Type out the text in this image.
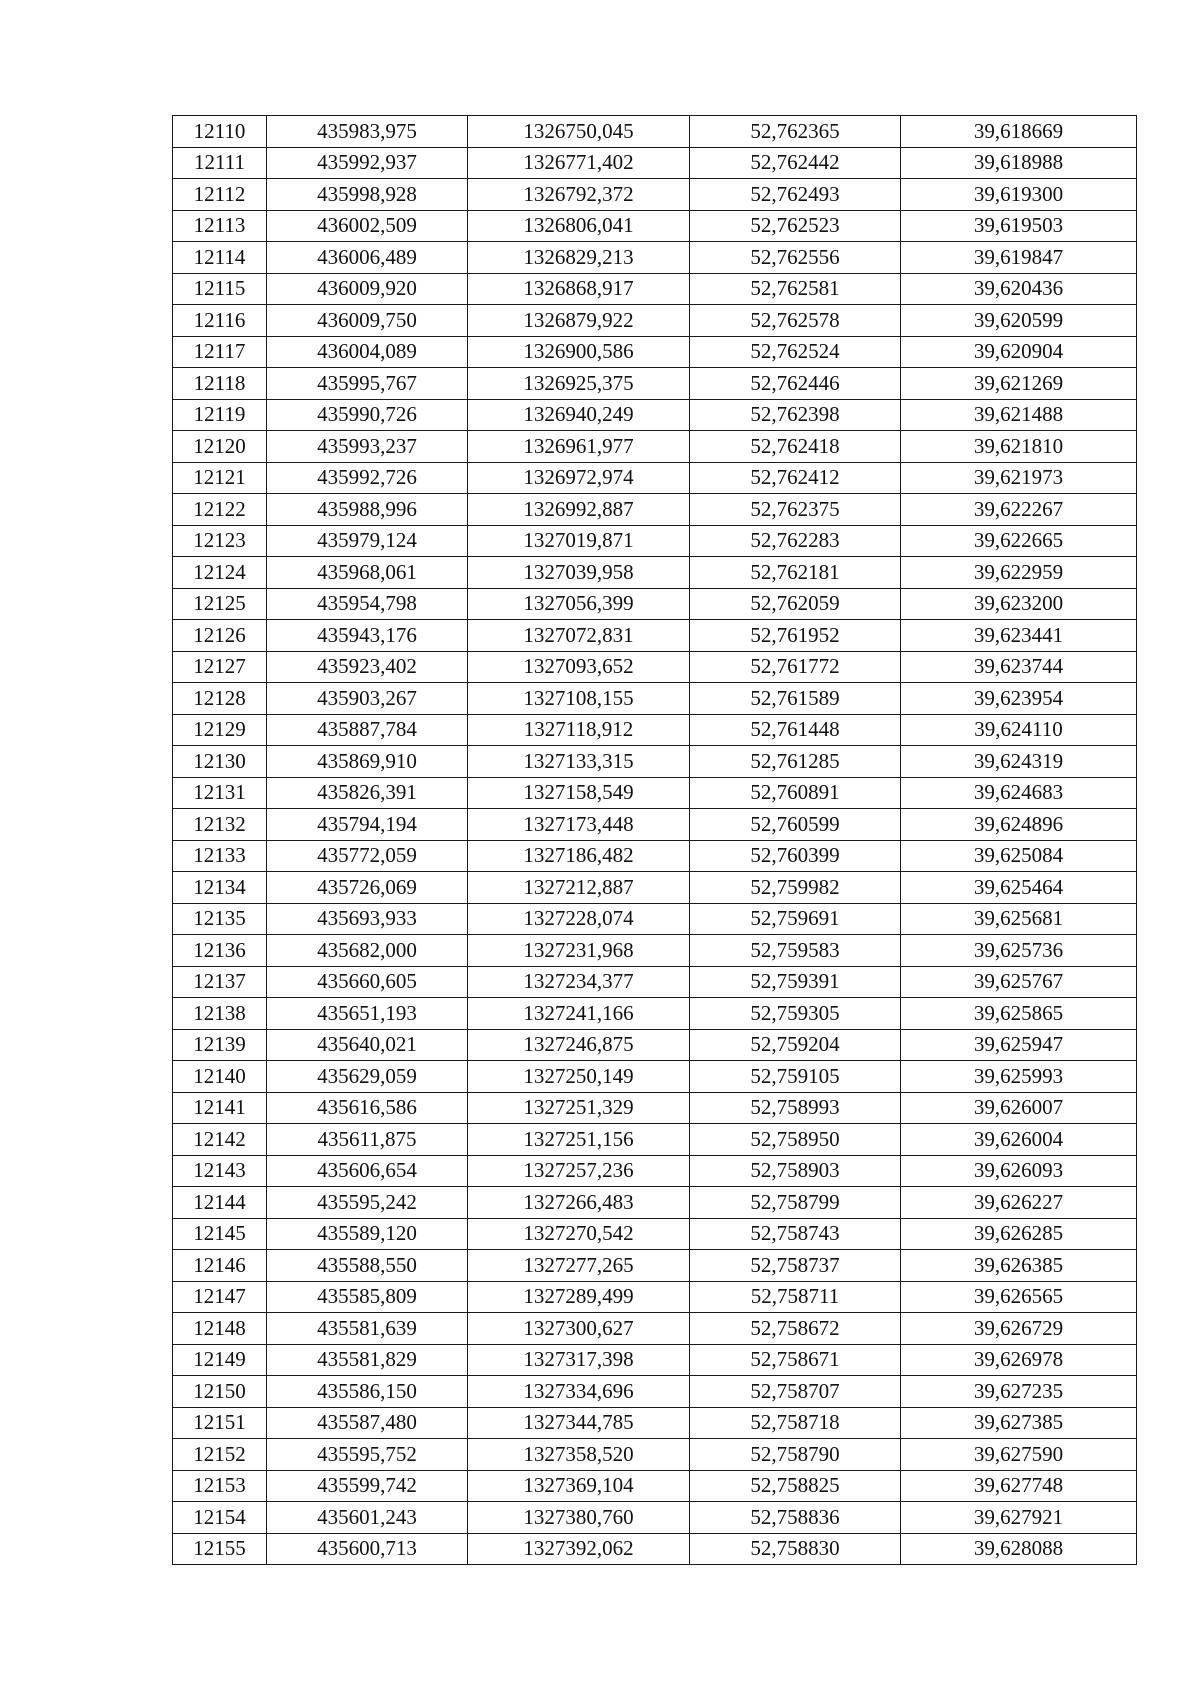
12110	435983,975	1326750,045	52,762365	39,618669
12111	435992,937	1326771,402	52,762442	39,618988
12112	435998,928	1326792,372	52,762493	39,619300
12113	436002,509	1326806,041	52,762523	39,619503
12114	436006,489	1326829,213	52,762556	39,619847
12115	436009,920	1326868,917	52,762581	39,620436
12116	436009,750	1326879,922	52,762578	39,620599
12117	436004,089	1326900,586	52,762524	39,620904
12118	435995,767	1326925,375	52,762446	39,621269
12119	435990,726	1326940,249	52,762398	39,621488
12120	435993,237	1326961,977	52,762418	39,621810
12121	435992,726	1326972,974	52,762412	39,621973
12122	435988,996	1326992,887	52,762375	39,622267
12123	435979,124	1327019,871	52,762283	39,622665
12124	435968,061	1327039,958	52,762181	39,622959
12125	435954,798	1327056,399	52,762059	39,623200
12126	435943,176	1327072,831	52,761952	39,623441
12127	435923,402	1327093,652	52,761772	39,623744
12128	435903,267	1327108,155	52,761589	39,623954
12129	435887,784	1327118,912	52,761448	39,624110
12130	435869,910	1327133,315	52,761285	39,624319
12131	435826,391	1327158,549	52,760891	39,624683
12132	435794,194	1327173,448	52,760599	39,624896
12133	435772,059	1327186,482	52,760399	39,625084
12134	435726,069	1327212,887	52,759982	39,625464
12135	435693,933	1327228,074	52,759691	39,625681
12136	435682,000	1327231,968	52,759583	39,625736
12137	435660,605	1327234,377	52,759391	39,625767
12138	435651,193	1327241,166	52,759305	39,625865
12139	435640,021	1327246,875	52,759204	39,625947
12140	435629,059	1327250,149	52,759105	39,625993
12141	435616,586	1327251,329	52,758993	39,626007
12142	435611,875	1327251,156	52,758950	39,626004
12143	435606,654	1327257,236	52,758903	39,626093
12144	435595,242	1327266,483	52,758799	39,626227
12145	435589,120	1327270,542	52,758743	39,626285
12146	435588,550	1327277,265	52,758737	39,626385
12147	435585,809	1327289,499	52,758711	39,626565
12148	435581,639	1327300,627	52,758672	39,626729
12149	435581,829	1327317,398	52,758671	39,626978
12150	435586,150	1327334,696	52,758707	39,627235
12151	435587,480	1327344,785	52,758718	39,627385
12152	435595,752	1327358,520	52,758790	39,627590
12153	435599,742	1327369,104	52,758825	39,627748
12154	435601,243	1327380,760	52,758836	39,627921
12155	435600,713	1327392,062	52,758830	39,628088
